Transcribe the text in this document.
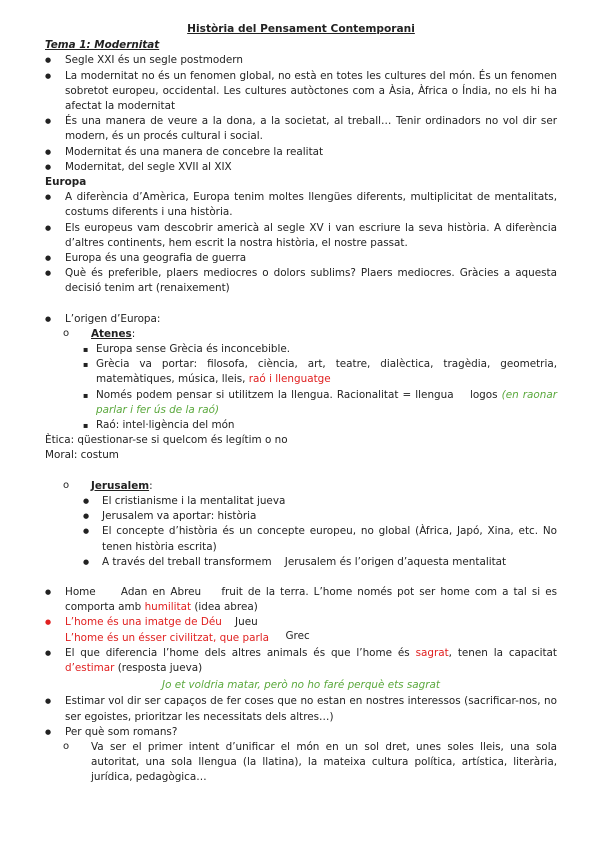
Història del Pensament Contemporani
Tema 1: Modernitat
● Segle XXI és un segle postmodern
● La modernitat no és un fenomen global, no està en totes les cultures del món. És un fenomen sobretot europeu, occidental. Les cultures autòctones com a Àsia, Àfrica o Índia, no els hi ha afectat la modernitat
● És una manera de veure a la dona, a la societat, al treball… Tenir ordinadors no vol dir ser modern, és un procés cultural i social.
● Modernitat és una manera de concebre la realitat
● Modernitat, del segle XVII al XIX
Europa
● A diferència d’Amèrica, Europa tenim moltes llengües diferents, multiplicitat de mentalitats, costums diferents i una història.
● Els europeus vam descobrir americà al segle XV i van escriure la seva història. A diferència d’altres continents, hem escrit la nostra història, el nostre passat.
● Europa és una geografia de guerra
● Què és preferible, plaers mediocres o dolors sublims? Plaers mediocres. Gràcies a aquesta decisió tenim art (renaixement)
● L’origen d’Europa:
o Atenes:
▪ Europa sense Grècia és inconcebible.
▪ Grècia va portar: filosofa, ciència, art, teatre, dialèctica, tragèdia, geometria, matemàtiques, música, lleis, raó i llenguatge
▪ Només podem pensar si utilitzem la llengua. Racionalitat = llengua logos (en raonar parlar i fer ús de la raó)
▪ Raó: intel·ligència del món
Ètica: qüestionar-se si quelcom és legítim o no
Moral: costum
o Jerusalem:
● El cristianisme i la mentalitat jueva
● Jerusalem va aportar: història
● El concepte d’història és un concepte europeu, no global (Àfrica, Japó, Xina, etc. No tenen història escrita)
● A través del treball transformem Jerusalem és l’origen d’aquesta mentalitat
● Home Adan en Abreu fruit de la terra. L’home només pot ser home com a tal si es comporta amb humilitat (idea abrea)
● L’home és una imatge de Déu Jueu
L’home és un ésser civilitzat, que parla Grec
● El que diferencia l’home dels altres animals és que l’home és sagrat, tenen la capacitat d’estimar (resposta jueva)
Jo et voldria matar, però no ho faré perquè ets sagrat
● Estimar vol dir ser capaços de fer coses que no estan en nostres interessos (sacrificar-nos, no ser egoistes, prioritzar les necessitats dels altres…)
● Per què som romans?
o Va ser el primer intent d’unificar el món en un sol dret, unes soles lleis, una sola autoritat, una sola llengua (la llatina), la mateixa cultura política, artística, literària, jurídica, pedagògica…
